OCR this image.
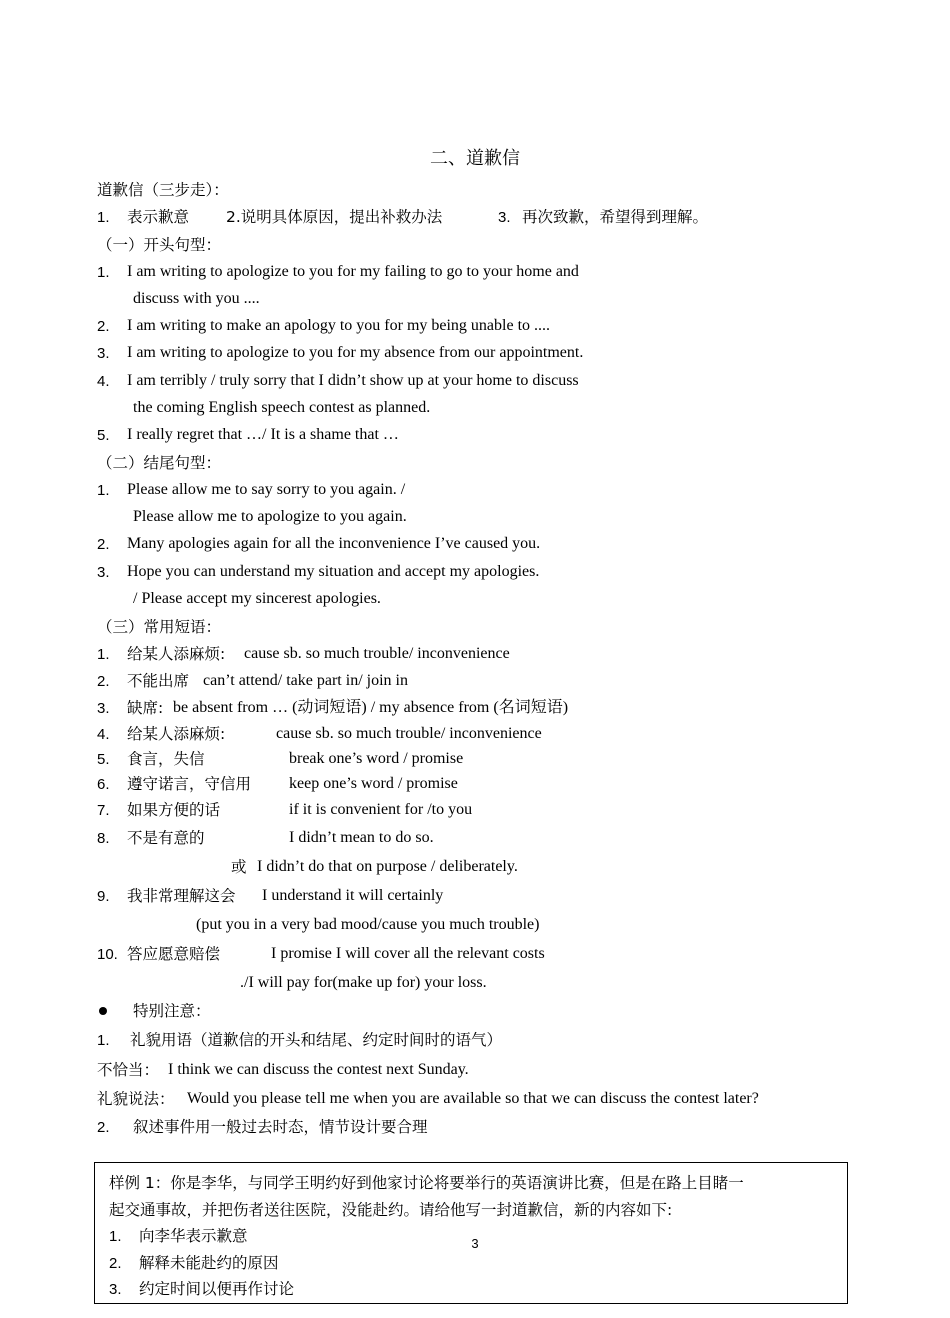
二、道歉信
道歉信（三步走）：
1. 表示歉意 2.说明具体原因，提出补救办法	3. 再次致歉，希望得到理解。
（一）开头句型：
1. I am writing to apologize to you for my failing to go to your home and
discuss with you ....
2. I am writing to make an apology to you for my being unable to ....
3. I am writing to apologize to you for my absence from our appointment.
4. I am terribly / truly sorry that I didn’t show up at your home to discuss
the coming English speech contest as planned.
5. I really regret that …/ It is a shame that …
（二）结尾句型：
1. Please allow me to say sorry to you again. /
Please allow me to apologize to you again.
2. Many apologies again for all the inconvenience I’ve caused you.
3. Hope you can understand my situation and accept my apologies.
/ Please accept my sincerest apologies.
（三）常用短语：
1. 给某人添麻烦: cause sb. so much trouble/ inconvenience
2. 不能出席 can’t attend/ take part in/ join in
3. 缺席: be absent from … (动词短语) / my absence from (名词短语)
4. 给某人添麻烦:	cause sb. so much trouble/ inconvenience
5. 食言，失信	break one’s word / promise
6. 遵守诺言，守信用 keep one’s word / promise
7. 如果方便的话	if it is convenient for /to you
8. 不是有意的	I didn’t mean to do so.
或 I didn’t do that on purpose / deliberately.
9. 我非常理解这会 I understand it will certainly
(put you in a very bad mood/cause you much trouble)
10. 答应愿意赔偿	I promise I will cover all the relevant costs
./I will pay for(make up for) your loss.
特别注意：
1. 礼貌用语（道歉信的开头和结尾、约定时间时的语气）
不恰当： I think we can discuss the contest next Sunday.
礼貌说法： Would you please tell me when you are available so that we can discuss the contest later?
2. 叙述事件用一般过去时态，情节设计要合理
样例 1：你是李华，与同学王明约好到他家讨论将要举行的英语演讲比赛，但是在路上目睹一
起交通事故，并把伤者送往医院，没能赴约。请给他写一封道歉信，新的内容如下:
1. 向李华表示歉意
2. 解释未能赴约的原因
3. 约定时间以便再作讨论
3
